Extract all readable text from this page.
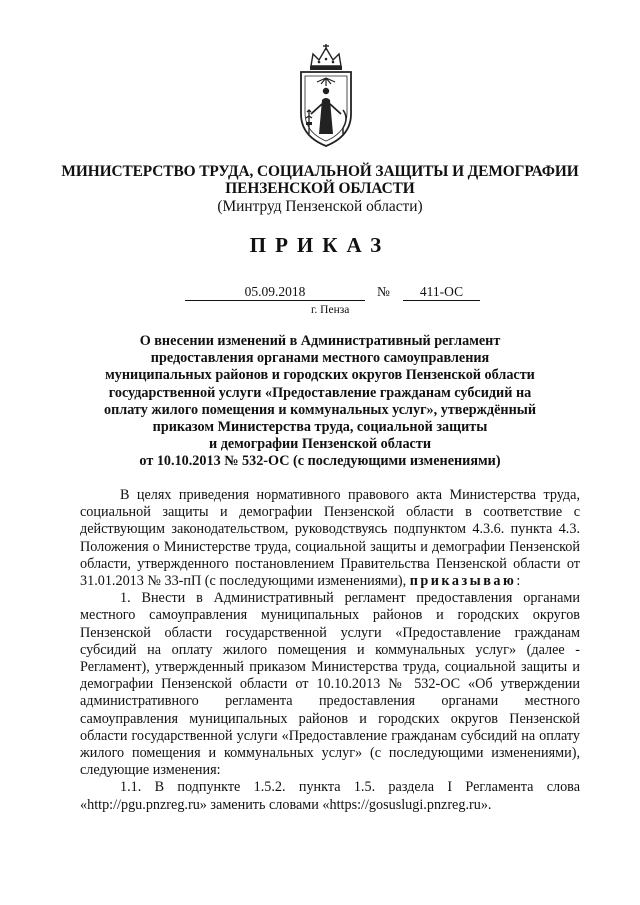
МИНИСТЕРСТВО ТРУДА, СОЦИАЛЬНОЙ ЗАЩИТЫ И ДЕМОГРАФИИ
ПЕНЗЕНСКОЙ ОБЛАСТИ
(Минтруд Пензенской области)
ПРИКАЗ
05.09.2018	№	411-ОС
г. Пенза
О внесении изменений в Административный регламент
предоставления органами местного самоуправления
муниципальных районов и городских округов Пензенской области
государственной услуги «Предоставление гражданам субсидий на
оплату жилого помещения и коммунальных услуг», утверждённый
приказом Министерства труда, социальной защиты
и демографии Пензенской области
от 10.10.2013 № 532-ОС (с последующими изменениями)

В целях приведения нормативного правового акта Министерства труда, социальной защиты и демографии Пензенской области в соответствие с действующим законодательством, руководствуясь подпунктом 4.3.6. пункта 4.3. Положения о Министерстве труда, социальной защиты и демографии Пензенской области, утвержденного постановлением Правительства Пензенской области от 31.01.2013 № 33-пП (с последующими изменениями), приказываю:

1. Внести в Административный регламент предоставления органами местного самоуправления муниципальных районов и городских округов Пензенской области государственной услуги «Предоставление гражданам субсидий на оплату жилого помещения и коммунальных услуг» (далее - Регламент), утвержденный приказом Министерства труда, социальной защиты и демографии Пензенской области от 10.10.2013 № 532-ОС «Об утверждении административного регламента предоставления органами местного самоуправления муниципальных районов и городских округов Пензенской области государственной услуги «Предоставление гражданам субсидий на оплату жилого помещения и коммунальных услуг» (с последующими изменениями), следующие изменения:

1.1. В подпункте 1.5.2. пункта 1.5. раздела I Регламента слова «http://pgu.pnzreg.ru» заменить словами «https://gosuslugi.pnzreg.ru».
